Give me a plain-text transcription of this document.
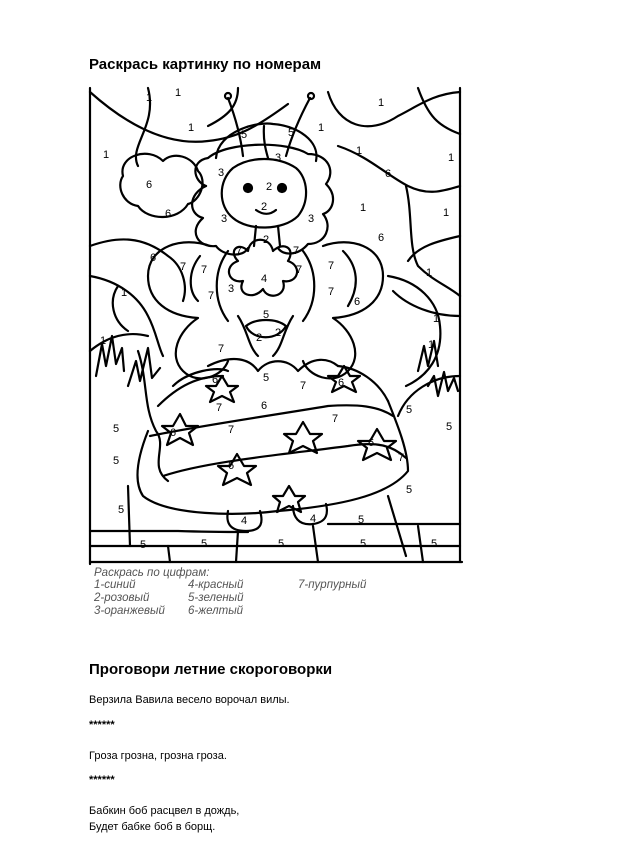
Раскрась картинку по номерам
1	1
1	1
1
1
1
1
1
1
5	5
3
3
2
2
3	3
6
6
6
6
6
6
2
7 7
4
3
7	7
7 7
5
7	7
2 2
7
5
6	6
6
7
7
7
6
6
6
7
7
5
5
5	5	5
5
4	4
5	5
5
5
5
5
1
1
1	1
1
Раскрась по цифрам:
1-синий
2-розовый
3-оранжевый
4-красный
5-зеленый
6-желтый
7-пурпурный
Проговори летние скороговорки

Верзила Вавила весело ворочал вилы.

******

Гроза грозна, грозна гроза.

******

Бабкин боб расцвел в дождь,

Будет бабке боб в борщ.
